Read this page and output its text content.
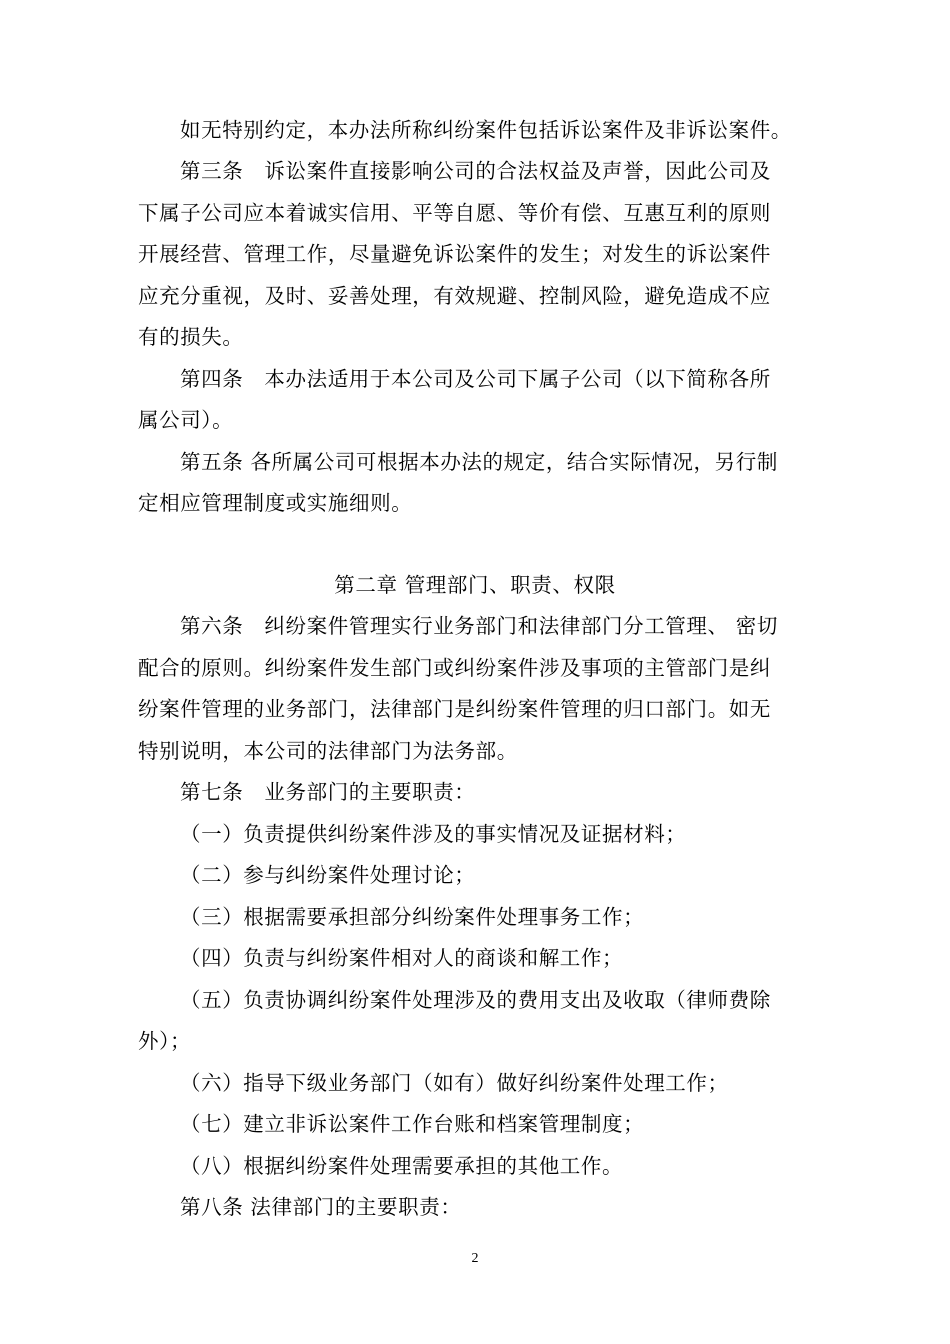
如无特别约定，本办法所称纠纷案件包括诉讼案件及非诉讼案件。
第三条　诉讼案件直接影响公司的合法权益及声誉，因此公司及
下属子公司应本着诚实信用、平等自愿、等价有偿、互惠互利的原则
开展经营、管理工作，尽量避免诉讼案件的发生；对发生的诉讼案件
应充分重视，及时、妥善处理，有效规避、控制风险，避免造成不应
有的损失。
第四条　本办法适用于本公司及公司下属子公司（以下简称各所
属公司）。
第五条 各所属公司可根据本办法的规定，结合实际情况，另行制
定相应管理制度或实施细则。
第二章 管理部门、职责、权限
第六条　纠纷案件管理实行业务部门和法律部门分工管理、 密切
配合的原则。纠纷案件发生部门或纠纷案件涉及事项的主管部门是纠
纷案件管理的业务部门，法律部门是纠纷案件管理的归口部门。如无
特别说明，本公司的法律部门为法务部。
第七条　业务部门的主要职责：
（一）负责提供纠纷案件涉及的事实情况及证据材料；
（二）参与纠纷案件处理讨论；
（三）根据需要承担部分纠纷案件处理事务工作；
（四）负责与纠纷案件相对人的商谈和解工作；
（五）负责协调纠纷案件处理涉及的费用支出及收取（律师费除
外）；
（六）指导下级业务部门（如有）做好纠纷案件处理工作；
（七）建立非诉讼案件工作台账和档案管理制度；
（八）根据纠纷案件处理需要承担的其他工作。
第八条 法律部门的主要职责：
2
